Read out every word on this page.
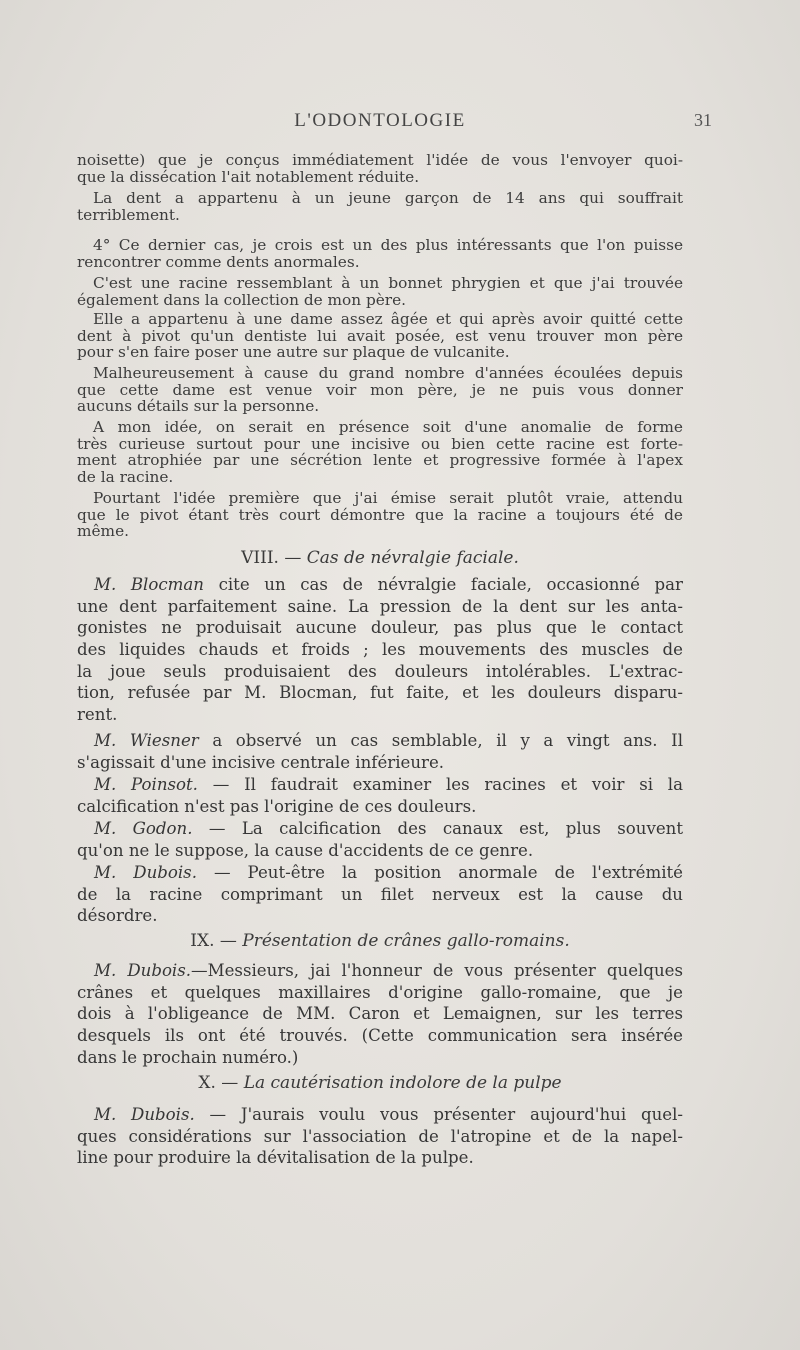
L'ODONTOLOGIE	31
noisette) que je conçus immédiatement l'idée de vous l'envoyer quoi-
que la dissécation l'ait notablement réduite.
La dent a appartenu à un jeune garçon de 14 ans qui souffrait
terriblement.
4° Ce dernier cas, je crois est un des plus intéressants que l'on puisse
rencontrer comme dents anormales.
C'est une racine ressemblant à un bonnet phrygien et que j'ai trouvée
également dans la collection de mon père.
Elle a appartenu à une dame assez âgée et qui après avoir quitté cette
dent à pivot qu'un dentiste lui avait posée, est venu trouver mon père
pour s'en faire poser une autre sur plaque de vulcanite.
Malheureusement à cause du grand nombre d'années écoulées depuis
que cette dame est venue voir mon père, je ne puis vous donner
aucuns détails sur la personne.
A mon idée, on serait en présence soit d'une anomalie de forme
très curieuse surtout pour une incisive ou bien cette racine est forte-
ment atrophiée par une sécrétion lente et progressive formée à l'apex
de la racine.
Pourtant l'idée première que j'ai émise serait plutôt vraie, attendu
que le pivot étant très court démontre que la racine a toujours été de
même.
VIII. — Cas de névralgie faciale.
M. Blocman cite un cas de névralgie faciale, occasionné par
une dent parfaitement saine. La pression de la dent sur les anta-
gonistes ne produisait aucune douleur, pas plus que le contact
des liquides chauds et froids ; les mouvements des muscles de
la joue seuls produisaient des douleurs intolérables. L'extrac-
tion, refusée par M. Blocman, fut faite, et les douleurs disparu-
rent.
M. Wiesner a observé un cas semblable, il y a vingt ans. Il
s'agissait d'une incisive centrale inférieure.
M. Poinsot. — Il faudrait examiner les racines et voir si la
calcification n'est pas l'origine de ces douleurs.
M. Godon. — La calcification des canaux est, plus souvent
qu'on ne le suppose, la cause d'accidents de ce genre.
M. Dubois. — Peut-être la position anormale de l'extrémité
de la racine comprimant un filet nerveux est la cause du
désordre.
IX. — Présentation de crânes gallo-romains.
M. Dubois.—Messieurs, jai l'honneur de vous présenter quelques
crânes et quelques maxillaires d'origine gallo-romaine, que je
dois à l'obligeance de MM. Caron et Lemaignen, sur les terres
desquels ils ont été trouvés. (Cette communication sera insérée
dans le prochain numéro.)
X. — La cautérisation indolore de la pulpe
M. Dubois. — J'aurais voulu vous présenter aujourd'hui quel-
ques considérations sur l'association de l'atropine et de la napel-
line pour produire la dévitalisation de la pulpe.
